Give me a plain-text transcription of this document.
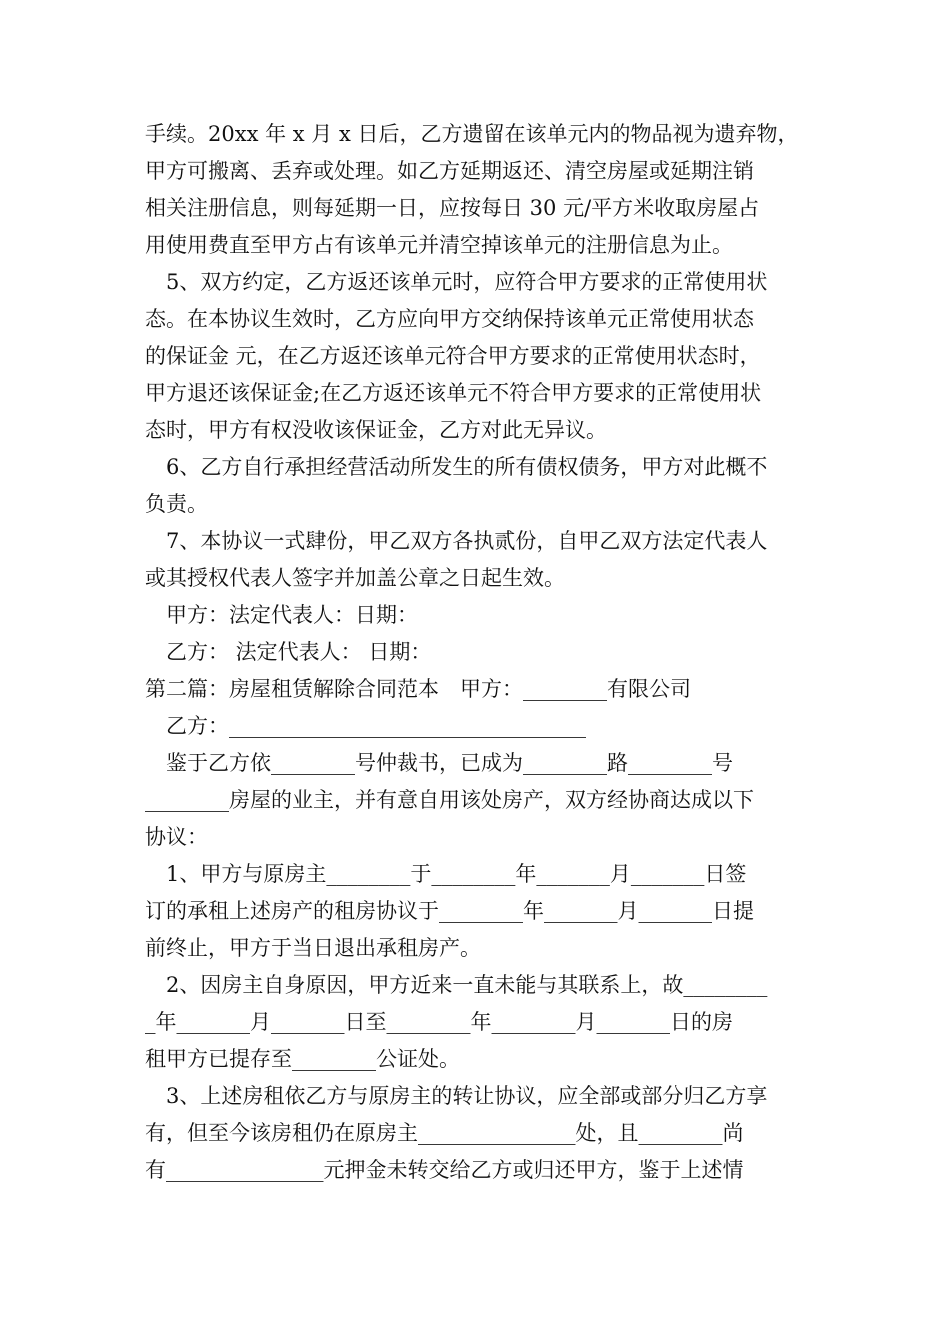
手续。20xx 年 x 月 x 日后，乙方遗留在该单元内的物品视为遗弃物，
甲方可搬离、丢弃或处理。如乙方延期返还、清空房屋或延期注销
相关注册信息，则每延期一日，应按每日 30 元/平方米收取房屋占
用使用费直至甲方占有该单元并清空掉该单元的注册信息为止。
5、双方约定，乙方返还该单元时，应符合甲方要求的正常使用状
态。在本协议生效时，乙方应向甲方交纳保持该单元正常使用状态
的保证金 元，在乙方返还该单元符合甲方要求的正常使用状态时，
甲方退还该保证金;在乙方返还该单元不符合甲方要求的正常使用状
态时，甲方有权没收该保证金，乙方对此无异议。
6、乙方自行承担经营活动所发生的所有债权债务，甲方对此概不
负责。
7、本协议一式肆份，甲乙双方各执贰份，自甲乙双方法定代表人
或其授权代表人签字并加盖公章之日起生效。
甲方：法定代表人：日期：
乙方： 法定代表人： 日期：
第二篇：房屋租赁解除合同范本　甲方：________有限公司
乙方：__________________________________
鉴于乙方依________号仲裁书，已成为________路________号
________房屋的业主，并有意自用该处房产，双方经协商达成以下
协议：
1、甲方与原房主________于________年_______月_______日签
订的承租上述房产的租房协议于________年_______月_______日提
前终止，甲方于当日退出承租房产。
2、因房主自身原因，甲方近来一直未能与其联系上，故________
_年_______月_______日至________年________月_______日的房
租甲方已提存至________公证处。
3、上述房租依乙方与原房主的转让协议，应全部或部分归乙方享
有，但至今该房租仍在原房主_______________处，且________尚
有_______________元押金未转交给乙方或归还甲方，鉴于上述情
